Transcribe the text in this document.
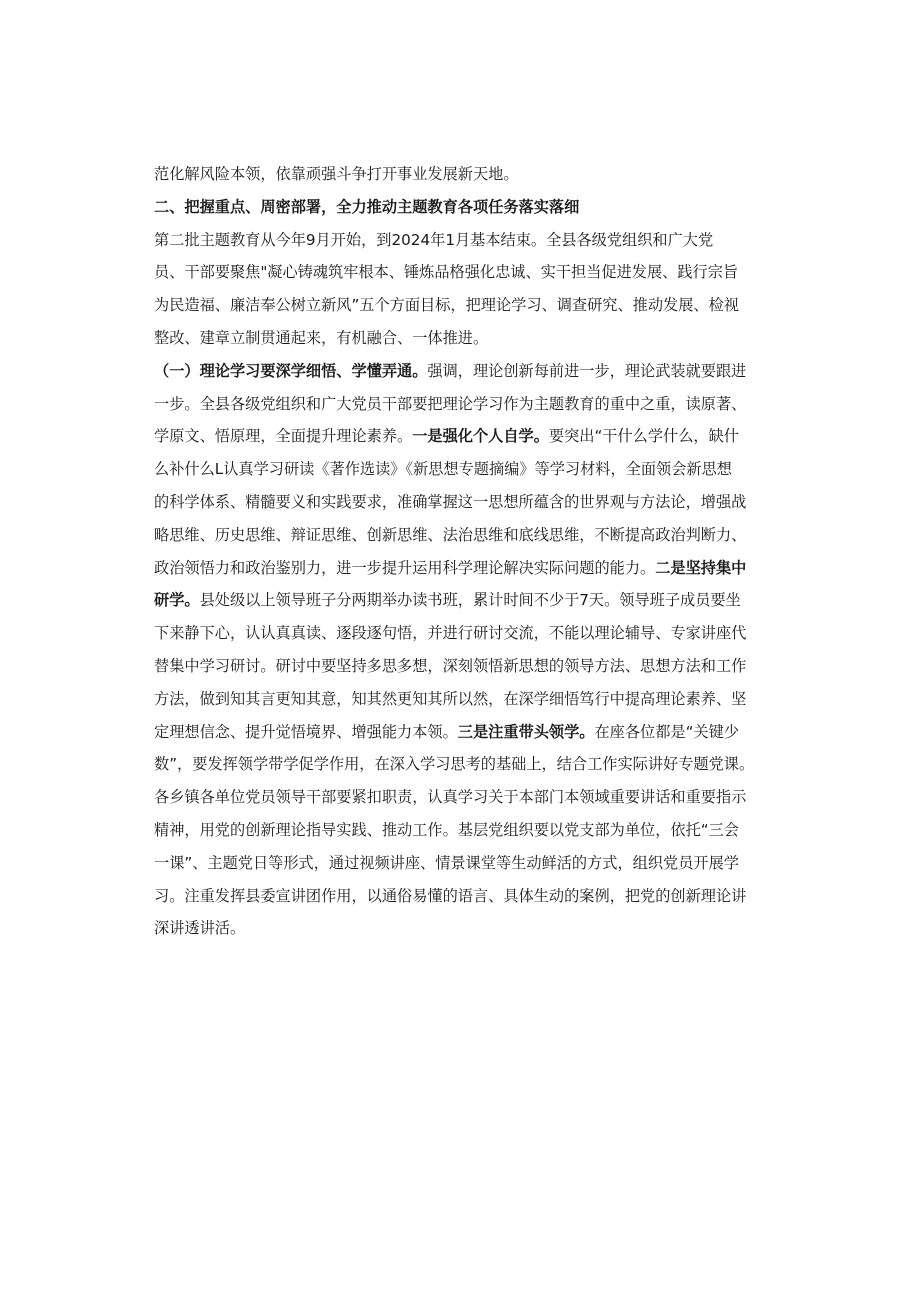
范化解风险本领，依靠顽强斗争打开事业发展新天地。
二、把握重点、周密部署，全力推动主题教育各项任务落实落细
第二批主题教育从今年9月开始，到2024年1月基本结束。全县各级党组织和广大党
员、干部要聚焦"凝心铸魂筑牢根本、锤炼品格强化忠诚、实干担当促进发展、践行宗旨
为民造福、廉洁奉公树立新风”五个方面目标，把理论学习、调查研究、推动发展、检视
整改、建章立制贯通起来，有机融合、一体推进。
（一）理论学习要深学细悟、学懂弄通。强调，理论创新每前进一步，理论武装就要跟进
一步。全县各级党组织和广大党员干部要把理论学习作为主题教育的重中之重，读原著、
学原文、悟原理，全面提升理论素养。一是强化个人自学。要突出“干什么学什么，缺什
么补什么L认真学习研读《著作选读》《新思想专题摘编》等学习材料，全面领会新思想
的科学体系、精髓要义和实践要求，准确掌握这一思想所蕴含的世界观与方法论，增强战
略思维、历史思维、辩证思维、创新思维、法治思维和底线思维，不断提高政治判断力、
政治领悟力和政治鉴别力，进一步提升运用科学理论解决实际问题的能力。二是坚持集中
研学。县处级以上领导班子分两期举办读书班，累计时间不少于7天。领导班子成员要坐
下来静下心，认认真真读、逐段逐句悟，并进行研讨交流，不能以理论辅导、专家讲座代
替集中学习研讨。研讨中要坚持多思多想，深刻领悟新思想的领导方法、思想方法和工作
方法，做到知其言更知其意，知其然更知其所以然，在深学细悟笃行中提高理论素养、坚
定理想信念、提升觉悟境界、增强能力本领。三是注重带头领学。在座各位都是“关键少
数”，要发挥领学带学促学作用，在深入学习思考的基础上，结合工作实际讲好专题党课。
各乡镇各单位党员领导干部要紧扣职责，认真学习关于本部门本领域重要讲话和重要指示
精神，用党的创新理论指导实践、推动工作。基层党组织要以党支部为单位，依托“三会
一课”、主题党日等形式，通过视频讲座、情景课堂等生动鲜活的方式，组织党员开展学
习。注重发挥县委宣讲团作用，以通俗易懂的语言、具体生动的案例，把党的创新理论讲
深讲透讲活。
